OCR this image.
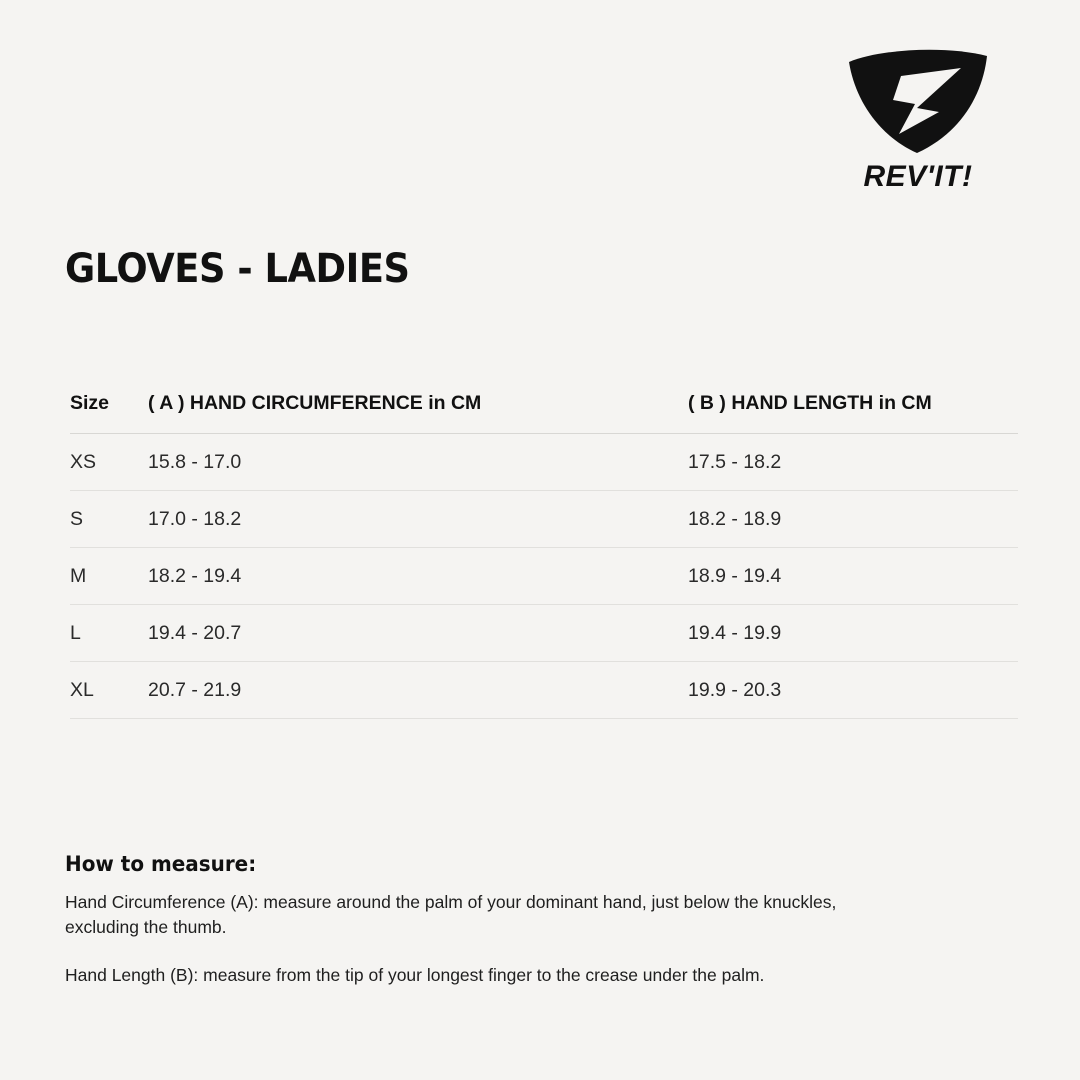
REV'IT!
GLOVES - LADIES
Size	( A ) HAND CIRCUMFERENCE in CM	( B ) HAND LENGTH in CM
XS	15.8 - 17.0	17.5 - 18.2
S	17.0 - 18.2	18.2 - 18.9
M	18.2 - 19.4	18.9 - 19.4
L	19.4 - 20.7	19.4 - 19.9
XL	20.7 - 21.9	19.9 - 20.3
How to measure:

Hand Circumference (A): measure around the palm of your dominant hand, just below the knuckles, excluding the thumb.

Hand Length (B): measure from the tip of your longest finger to the crease under the palm.
